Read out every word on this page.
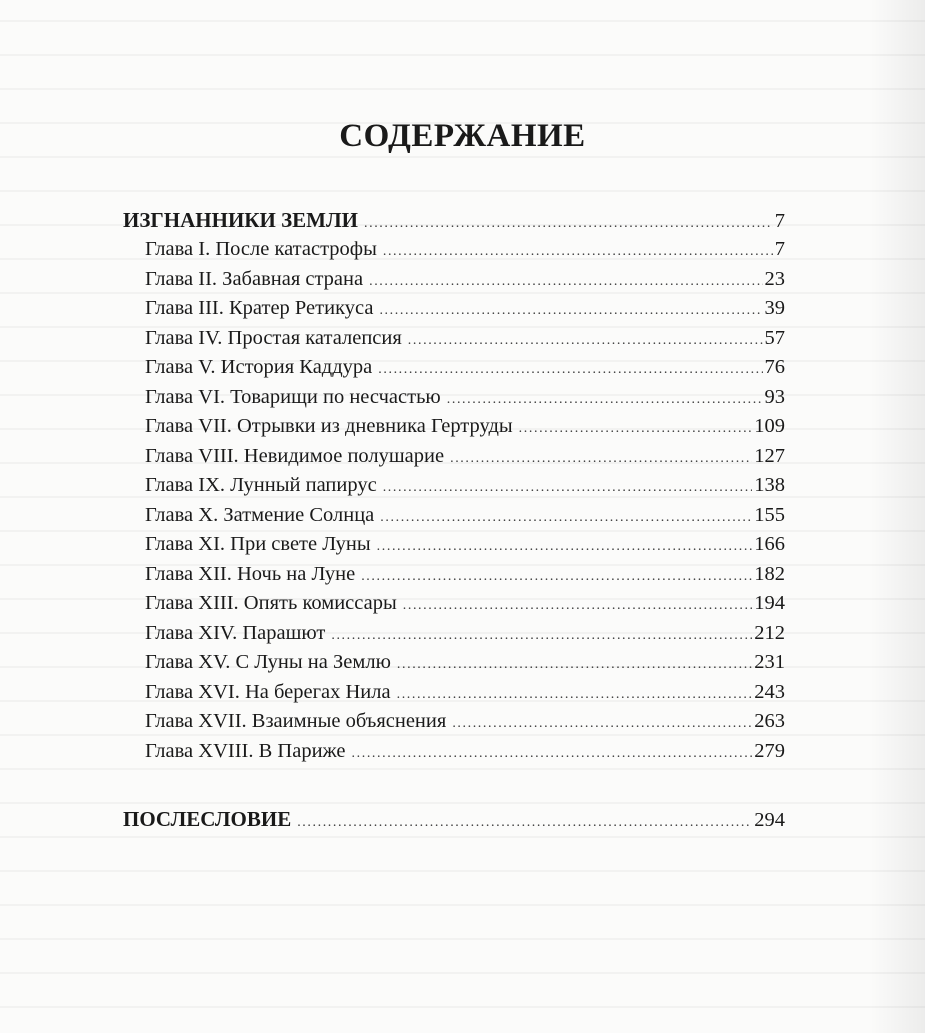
СОДЕРЖАНИЕ
ИЗГНАННИКИ ЗЕМЛИ .....	7
Глава I. После катастрофы .....	7
Глава II. Забавная страна .....	23
Глава III. Кратер Ретикуса .....	39
Глава IV. Простая каталепсия .....	57
Глава V. История Каддура .....	76
Глава VI. Товарищи по несчастью .....	93
Глава VII. Отрывки из дневника Гертруды .....	109
Глава VIII. Невидимое полушарие .....	127
Глава IX. Лунный папирус .....	138
Глава X. Затмение Солнца .....	155
Глава XI. При свете Луны .....	166
Глава XII. Ночь на Луне .....	182
Глава XIII. Опять комиссары .....	194
Глава XIV. Парашют .....	212
Глава XV. С Луны на Землю .....	231
Глава XVI. На берегах Нила .....	243
Глава XVII. Взаимные объяснения .....	263
Глава XVIII. В Париже .....	279
ПОСЛЕСЛОВИЕ .....	294
